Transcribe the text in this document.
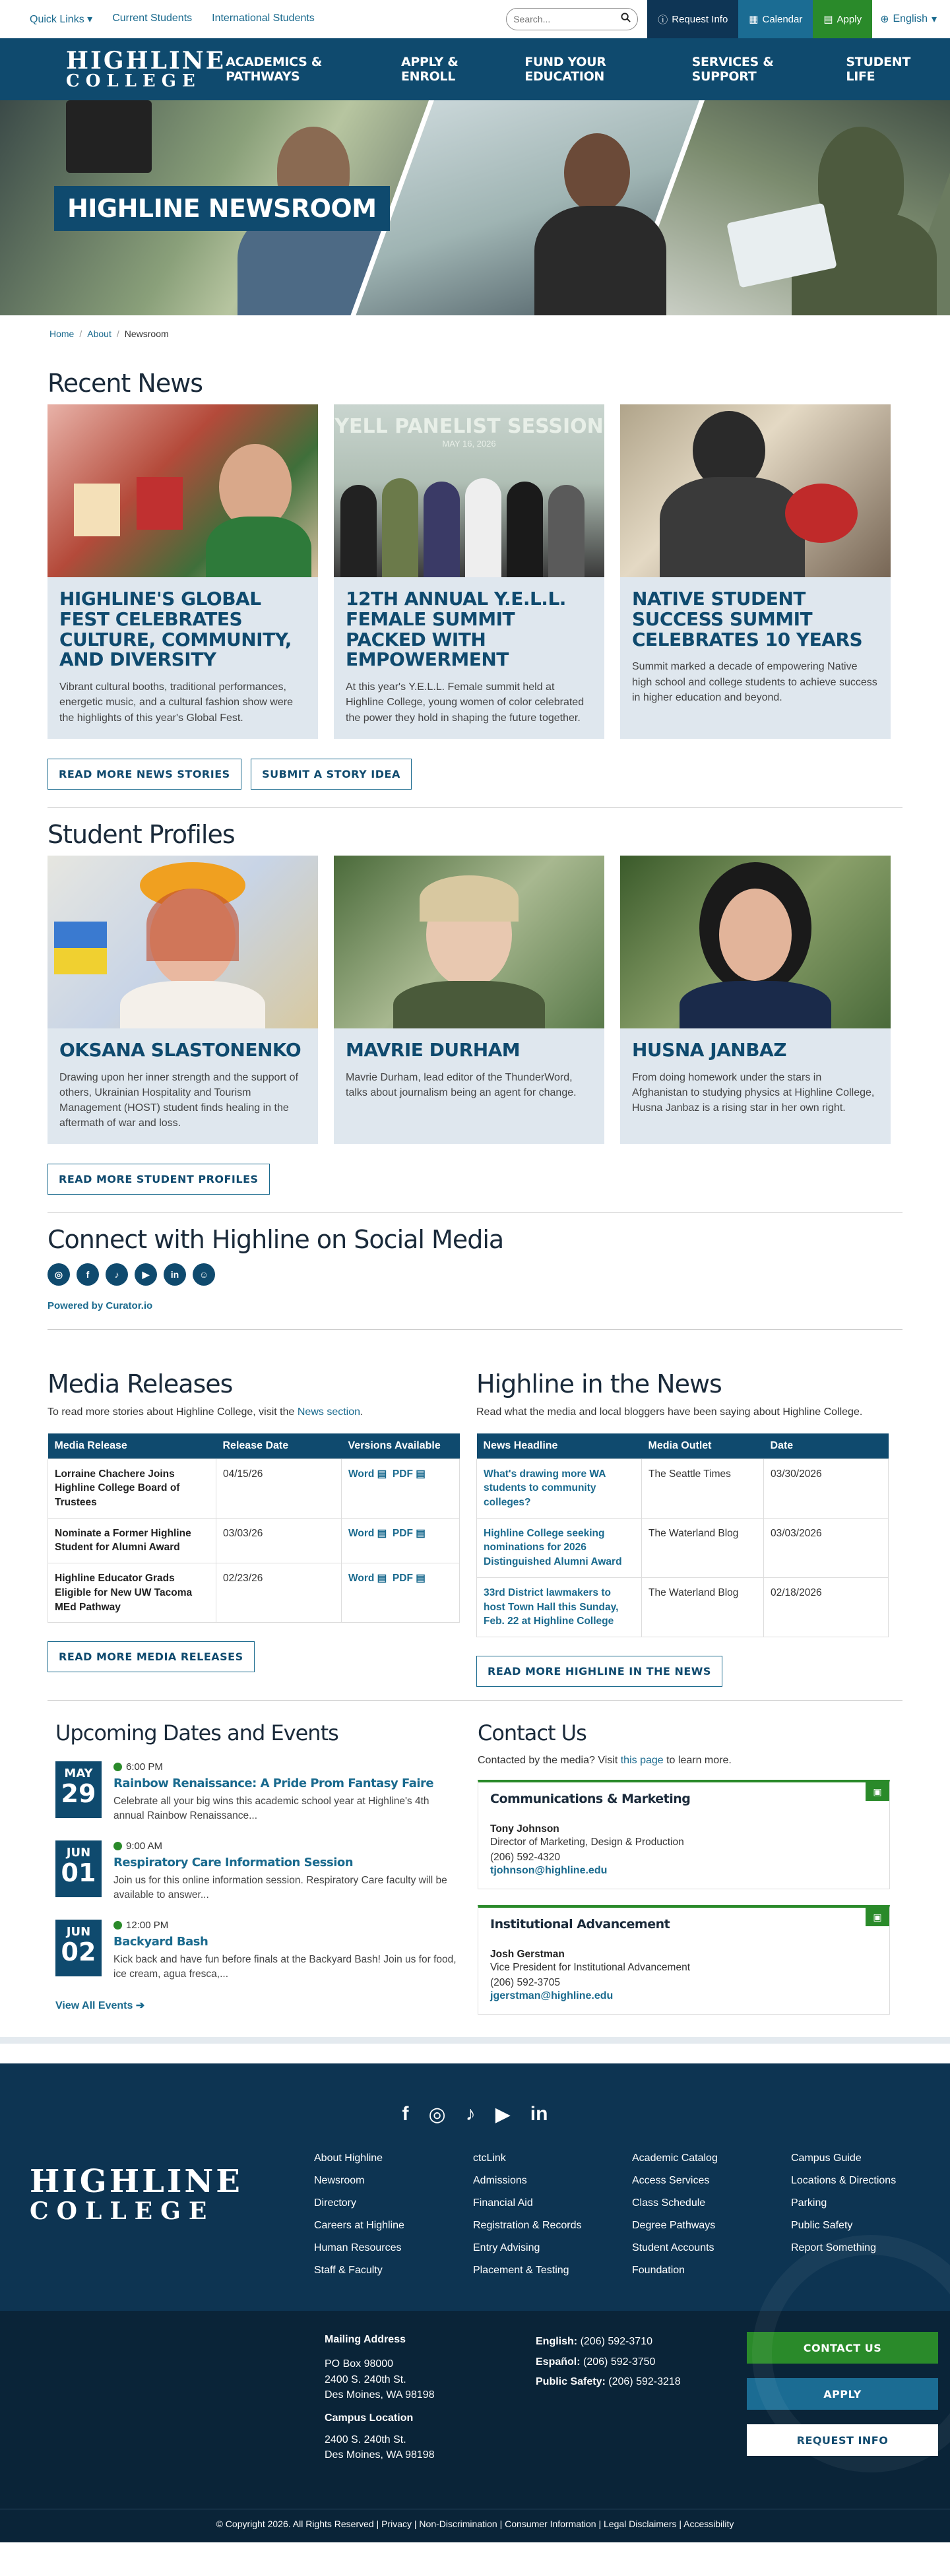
Quick Links ▾ Current Students International Students
Search...	ⓘ Request Info ▦ Calendar ▤ Apply ⊕ English ▾
HIGHLINE
COLLEGE
ACADEMICS & PATHWAYS
APPLY & ENROLL
FUND YOUR EDUCATION
SERVICES & SUPPORT
STUDENT LIFE
HIGHLINE NEWSROOM
Home / About / Newsroom
Recent News
HIGHLINE'S GLOBAL FEST CELEBRATES CULTURE, COMMUNITY, AND DIVERSITY

Vibrant cultural booths, traditional performances, energetic music, and a cultural fashion show were the highlights of this year's Global Fest.

YELL PANELIST SESSION
MAY 16, 2026
12TH ANNUAL Y.E.L.L. FEMALE SUMMIT PACKED WITH EMPOWERMENT

At this year's Y.E.L.L. Female summit held at Highline College, young women of color celebrated the power they hold in shaping the future together.

NATIVE STUDENT SUCCESS SUMMIT CELEBRATES 10 YEARS

Summit marked a decade of empowering Native high school and college students to achieve success in higher education and beyond.

READ MORE NEWS STORIES	SUBMIT A STORY IDEA
Student Profiles
OKSANA SLASTONENKO

Drawing upon her inner strength and the support of others, Ukrainian Hospitality and Tourism Management (HOST) student finds healing in the aftermath of war and loss.

MAVRIE DURHAM

Mavrie Durham, lead editor of the ThunderWord, talks about journalism being an agent for change.

HUSNA JANBAZ

From doing homework under the stars in Afghanistan to studying physics at Highline College, Husna Janbaz is a rising star in her own right.

READ MORE STUDENT PROFILES
Connect with Highline on Social Media
◎	f	♪	▶	in	☺
Powered by Curator.io
Media Releases

To read more stories about Highline College, visit the News section.

Media Release	Release Date	Versions Available
Lorraine Chachere Joins Highline College Board of Trustees	04/15/26	Word ▤ PDF ▤
Nominate a Former Highline Student for Alumni Award	03/03/26	Word ▤ PDF ▤
Highline Educator Grads Eligible for New UW Tacoma MEd Pathway	02/23/26	Word ▤ PDF ▤
READ MORE MEDIA RELEASES
Highline in the News

Read what the media and local bloggers have been saying about Highline College.

News Headline	Media Outlet	Date
What's drawing more WA students to community colleges?	The Seattle Times	03/30/2026
Highline College seeking nominations for 2026 Distinguished Alumni Award	The Waterland Blog	03/03/2026
33rd District lawmakers to host Town Hall this Sunday, Feb. 22 at Highline College	The Waterland Blog	02/18/2026
READ MORE HIGHLINE IN THE NEWS
Upcoming Dates and Events
MAY
29
6:00 PM
Rainbow Renaissance: A Pride Prom Fantasy Faire
Celebrate all your big wins this academic school year at Highline's 4th annual Rainbow Renaissance...
JUN
01
9:00 AM
Respiratory Care Information Session
Join us for this online information session. Respiratory Care faculty will be available to answer...
JUN
02
12:00 PM
Backyard Bash
Kick back and have fun before finals at the Backyard Bash! Join us for food, ice cream, agua fresca,...
View All Events ➔
Contact Us

Contacted by the media? Visit this page to learn more.

▣
Communications & Marketing
Tony Johnson
Director of Marketing, Design & Production
(206) 592-4320
tjohnson@highline.edu
▣
Institutional Advancement
Josh Gerstman
Vice President for Institutional Advancement
(206) 592-3705
jgerstman@highline.edu
f ◎ ♪ ▶ in
HIGHLINE
COLLEGE
About Highline
Newsroom
Directory
Careers at Highline
Human Resources
Staff & Faculty
ctcLink
Admissions
Financial Aid
Registration & Records
Entry Advising
Placement & Testing
Academic Catalog
Access Services
Class Schedule
Degree Pathways
Student Accounts
Foundation
Campus Guide
Locations & Directions
Parking
Public Safety
Report Something
Mailing Address
PO Box 98000
2400 S. 240th St.
Des Moines, WA 98198
Campus Location
2400 S. 240th St.
Des Moines, WA 98198
English: (206) 592-3710
Español: (206) 592-3750
Public Safety: (206) 592-3218
CONTACT US
APPLY
REQUEST INFO
© Copyright 2026. All Rights Reserved | Privacy | Non-Discrimination | Consumer Information | Legal Disclaimers | Accessibility
